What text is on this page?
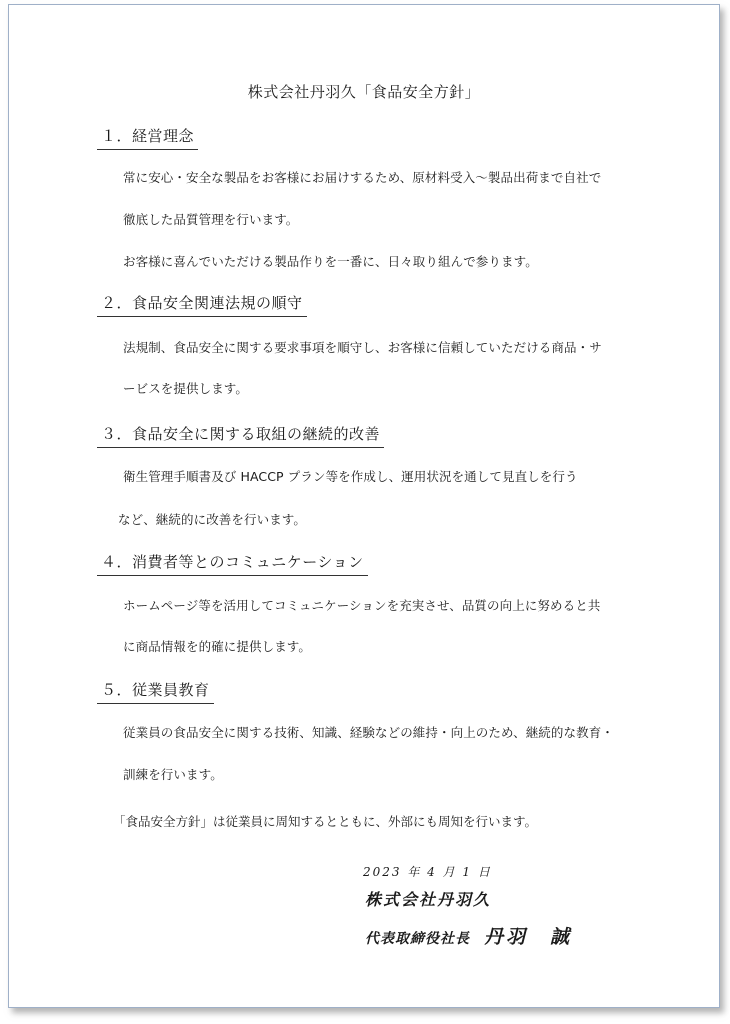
株式会社丹羽久「食品安全方針」
１．経営理念
常に安心・安全な製品をお客様にお届けするため、原材料受入～製品出荷まで自社で
徹底した品質管理を行います。
お客様に喜んでいただける製品作りを一番に、日々取り組んで参ります。
２．食品安全関連法規の順守
法規制、食品安全に関する要求事項を順守し、お客様に信頼していただける商品・サ
ービスを提供します。
３．食品安全に関する取組の継続的改善
衛生管理手順書及び HACCP プラン等を作成し、運用状況を通して見直しを行う
など、継続的に改善を行います。
４．消費者等とのコミュニケーション
ホームページ等を活用してコミュニケーションを充実させ、品質の向上に努めると共
に商品情報を的確に提供します。
５．従業員教育
従業員の食品安全に関する技術、知識、経験などの維持・向上のため、継続的な教育・
訓練を行います。
「食品安全方針」は従業員に周知するとともに、外部にも周知を行います。
2023 年 4 月 1 日
株式会社丹羽久
代表取締役社長 丹羽　誠
